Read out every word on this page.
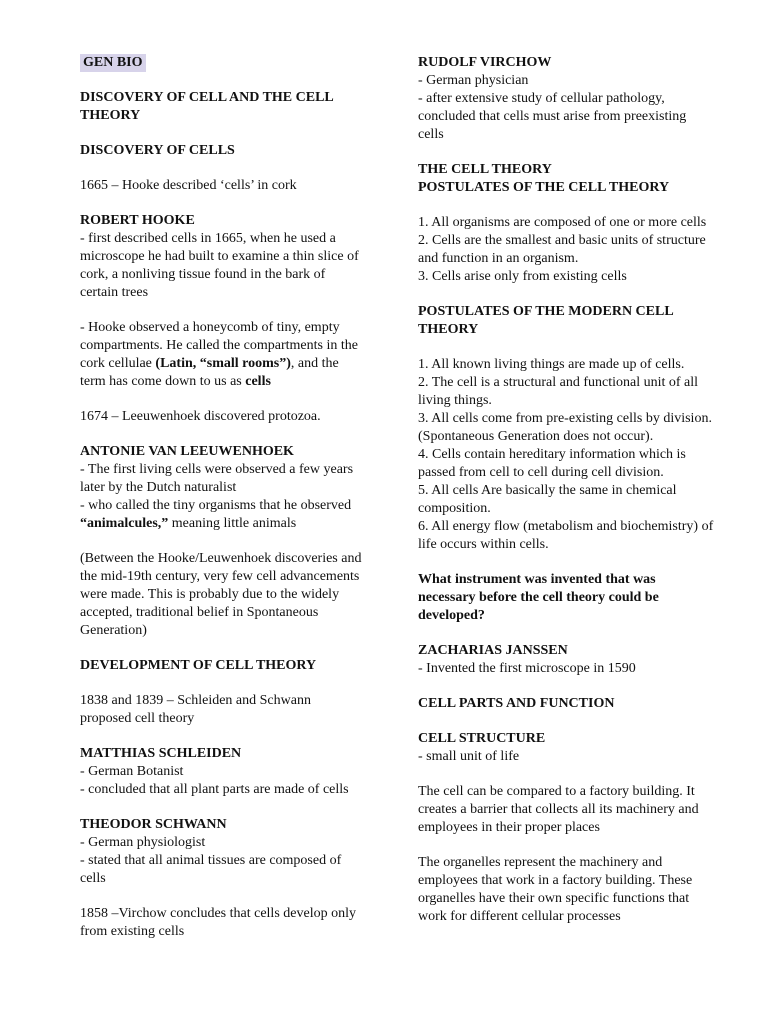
GEN BIO

DISCOVERY OF CELL AND THE CELL THEORY

DISCOVERY OF CELLS

1665 – Hooke described ‘cells’ in cork

ROBERT HOOKE

- first described cells in 1665, when he used a microscope he had built to examine a thin slice of cork, a nonliving tissue found in the bark of certain trees

- Hooke observed a honeycomb of tiny, empty compartments. He called the compartments in the cork cellulae (Latin, “small rooms”), and the term has come down to us as cells

1674 – Leeuwenhoek discovered protozoa.

ANTONIE VAN LEEUWENHOEK

- The first living cells were observed a few years later by the Dutch naturalist

- who called the tiny organisms that he observed

“animalcules,” meaning little animals

(Between the Hooke/Leuwenhoek discoveries and the mid-19th century, very few cell advancements were made. This is probably due to the widely accepted, traditional belief in Spontaneous Generation)

DEVELOPMENT OF CELL THEORY

1838 and 1839 – Schleiden and Schwann proposed cell theory

MATTHIAS SCHLEIDEN

- German Botanist

- concluded that all plant parts are made of cells

THEODOR SCHWANN

- German physiologist

- stated that all animal tissues are composed of cells

1858 –Virchow concludes that cells develop only from existing cells

RUDOLF VIRCHOW

- German physician

- after extensive study of cellular pathology, concluded that cells must arise from preexisting cells

THE CELL THEORY

POSTULATES OF THE CELL THEORY

1. All organisms are composed of one or more cells

2. Cells are the smallest and basic units of structure and function in an organism.

3. Cells arise only from existing cells

POSTULATES OF THE MODERN CELL THEORY

1. All known living things are made up of cells.

2. The cell is a structural and functional unit of all living things.

3. All cells come from pre-existing cells by division. (Spontaneous Generation does not occur).

4. Cells contain hereditary information which is passed from cell to cell during cell division.

5. All cells Are basically the same in chemical composition.

6. All energy flow (metabolism and biochemistry) of life occurs within cells.

What instrument was invented that was necessary before the cell theory could be developed?

ZACHARIAS JANSSEN

- Invented the first microscope in 1590

CELL PARTS AND FUNCTION

CELL STRUCTURE

- small unit of life

The cell can be compared to a factory building. It creates a barrier that collects all its machinery and employees in their proper places

The organelles represent the machinery and employees that work in a factory building. These organelles have their own specific functions that work for different cellular processes
